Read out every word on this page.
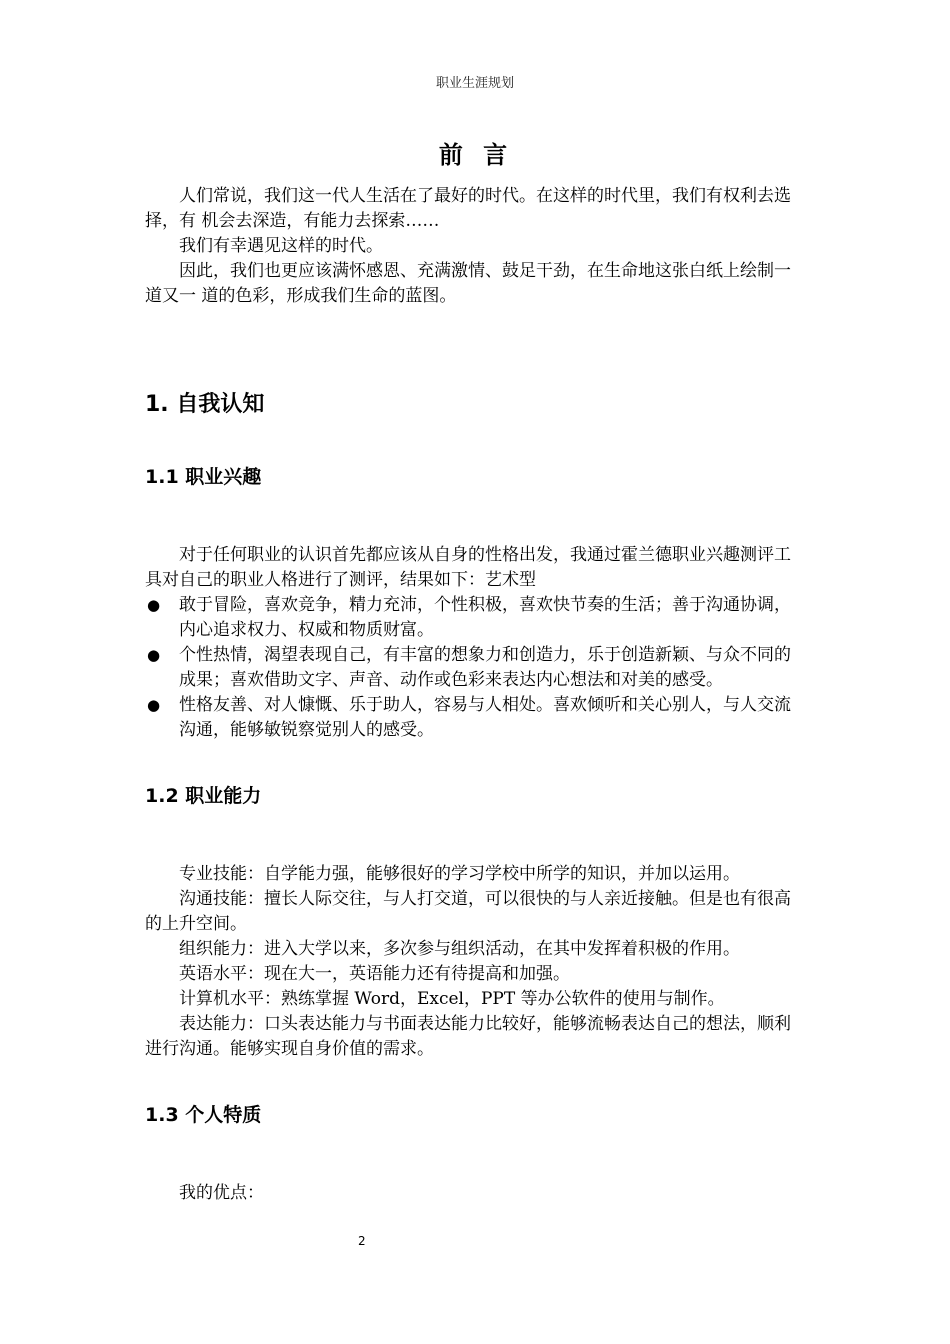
职业生涯规划
前 言

人们常说，我们这一代人生活在了最好的时代。在这样的时代里，我们有权利去选择，有 机会去深造，有能力去探索……

我们有幸遇见这样的时代。

因此，我们也更应该满怀感恩、充满激情、鼓足干劲，在生命地这张白纸上绘制一道又一 道的色彩，形成我们生命的蓝图。

1. 自我认知
1.1 职业兴趣

对于任何职业的认识首先都应该从自身的性格出发，我通过霍兰德职业兴趣测评工具对自己的职业人格进行了测评，结果如下：艺术型

● 敢于冒险，喜欢竞争，精力充沛，个性积极，喜欢快节奏的生活；善于沟通协调，内心追求权力、权威和物质财富。
● 个性热情，渴望表现自己，有丰富的想象力和创造力，乐于创造新颖、与众不同的成果；喜欢借助文字、声音、动作或色彩来表达内心想法和对美的感受。
● 性格友善、对人慷慨、乐于助人，容易与人相处。喜欢倾听和关心别人，与人交流沟通，能够敏锐察觉别人的感受。
1.2 职业能力

专业技能：自学能力强，能够很好的学习学校中所学的知识，并加以运用。

沟通技能：擅长人际交往，与人打交道，可以很快的与人亲近接触。但是也有很高的上升空间。

组织能力：进入大学以来，多次参与组织活动，在其中发挥着积极的作用。

英语水平：现在大一，英语能力还有待提高和加强。

计算机水平：熟练掌握 Word，Excel，PPT 等办公软件的使用与制作。

表达能力：口头表达能力与书面表达能力比较好，能够流畅表达自己的想法，顺利进行沟通。能够实现自身价值的需求。

1.3 个人特质

我的优点：

2
